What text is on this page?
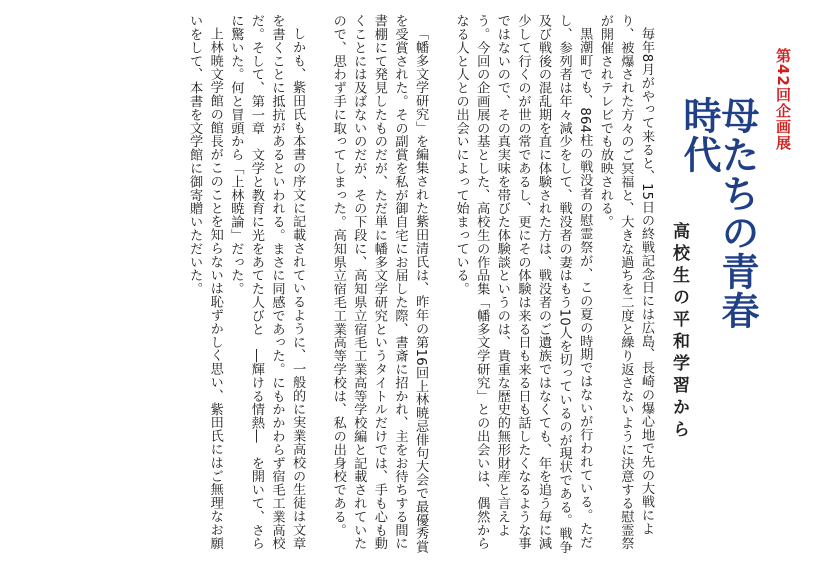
第42回企画展
母たちの青春時代
高校生の平和学習から

毎年8月がやって来ると、15日の終戦記念日には広島、長崎の爆心地で先の大戦により、被爆された方々のご冥福と、大きな過ちを二度と繰り返さないように決意する慰霊祭が開催されテレビでも放映される。

黒潮町でも、864柱の戦没者の慰霊祭が、この夏の時期ではないが行われている。ただし、参列者は年々減少をして、戦没者の妻はもう10人を切っているのが現状である。戦争及び戦後の混乱期を直に体験された方は、戦没者のご遺族ではなくても、年を追う毎に減少して行くのが世の常であるし、更にその体験は来る日も来る日も話したくなるような事ではないので、その真実味を帯びた体験談というのは、貴重な歴史的無形財産と言えよう。今回の企画展の基とした、高校生の作品集「幡多文学研究」との出会いは、偶然からなる人と人との出会いによって始まっている。

「幡多文学研究」を編集された紫田清氏は、昨年の第16回上林暁忌俳句大会で最優秀賞を受賞された。その副賞を私が御自宅にお届した際、書斎に招かれ、主をお待ちする間に書棚にて発見したものだが、ただ単に幡多文学研究というタイトルだけでは、手も心も動くことには及ばないのだが、その下段に、高知県立宿毛工業高等学校編と記載されていたので、思わず手に取ってしまった。高知県立宿毛工業高等学校は、私の出身校である。

しかも、紫田氏も本書の序文に記載されているように、一般的に実業高校の生徒は文章を書くことに抵抗があるといわれる。まさに同感であった。にもかかわらず宿毛工業高校だ。そして、第一章　文学と教育に光をあてた人びと　―輝ける情熱―　を開いて、さらに驚いた。何と冒頭から「上林暁論」だった。

上林暁文学館の館長がこのことを知らないは恥ずかしく思い、紫田氏にはご無理なお願いをして、本書を文学館に御寄贈いただいた。
